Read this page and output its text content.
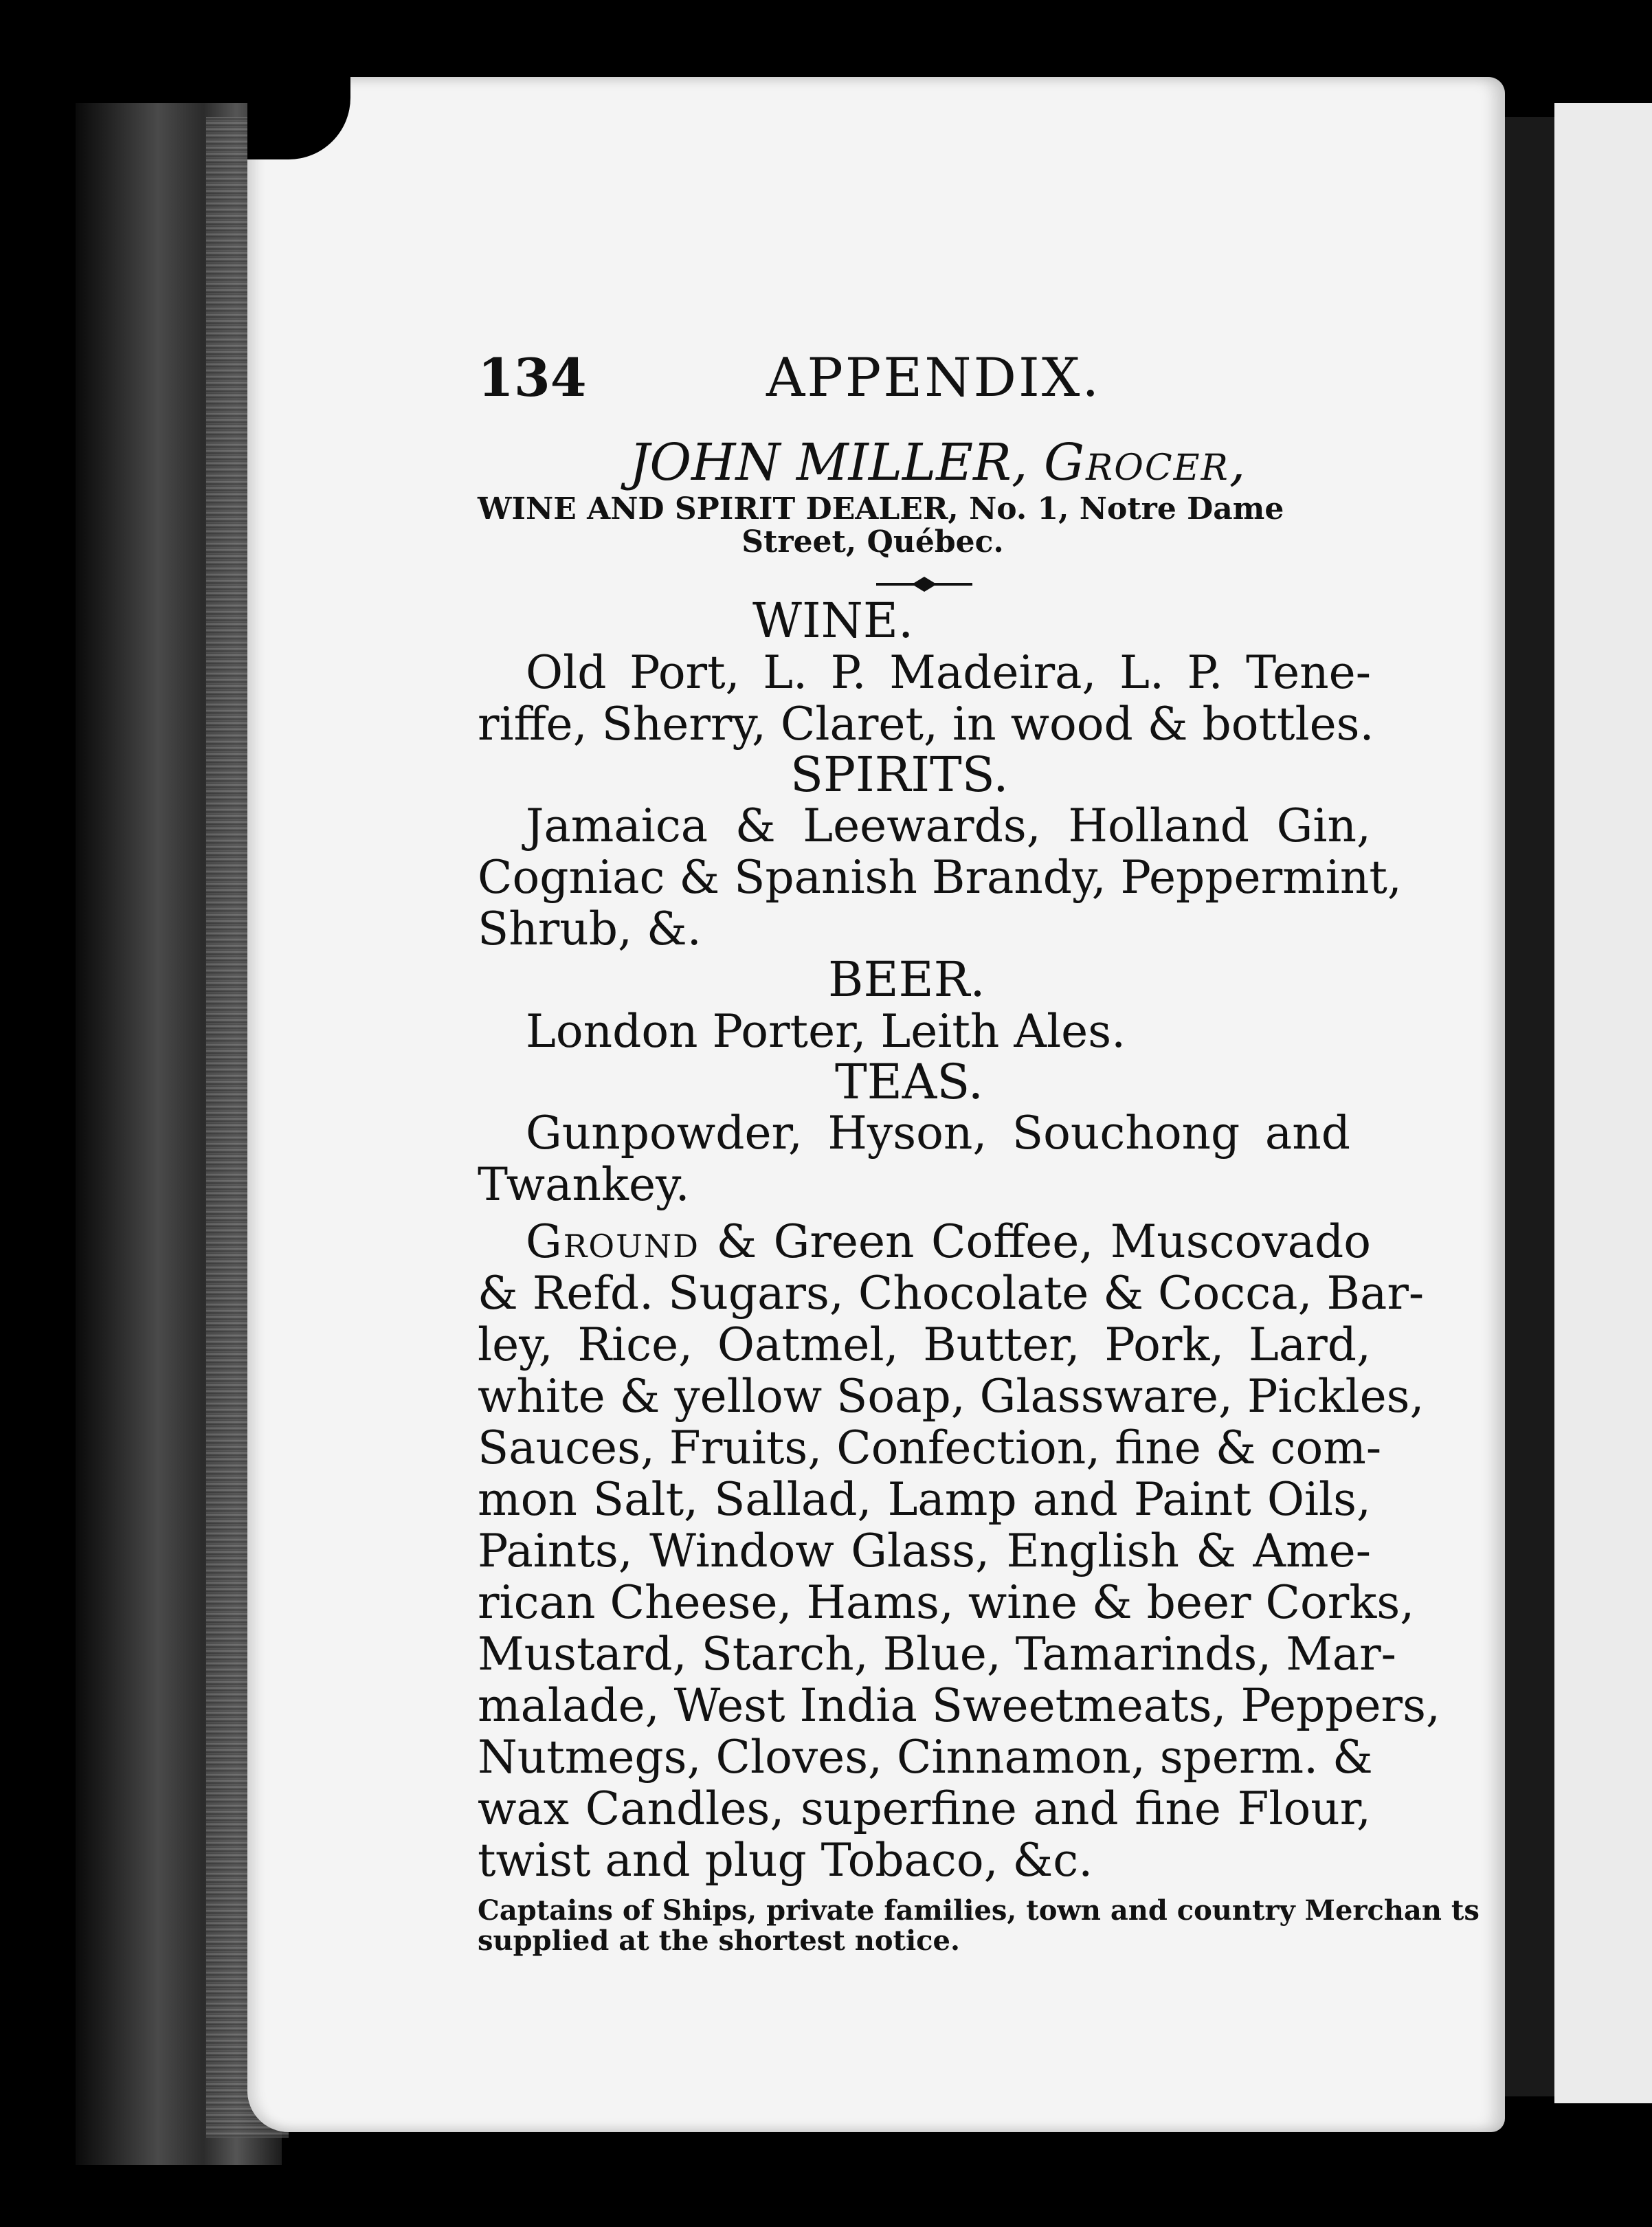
134	APPENDIX.
JOHN MILLER, Grocer,
WINE AND SPIRIT DEALER, No. 1, Notre Dame
Street, Québec.
WINE.
Old Port, L. P. Madeira, L. P. Tene-
riffe, Sherry, Claret, in wood & bottles.
SPIRITS.
Jamaica & Leewards, Holland Gin,
Cogniac & Spanish Brandy, Peppermint,
Shrub, &.
BEER.
London Porter, Leith Ales.
TEAS.
Gunpowder, Hyson, Souchong and
Twankey.
Ground & Green Coffee, Muscovado
& Refd. Sugars, Chocolate & Cocca, Bar-
ley, Rice, Oatmel, Butter, Pork, Lard,
white & yellow Soap, Glassware, Pickles,
Sauces, Fruits, Confection, fine & com-
mon Salt, Sallad, Lamp and Paint Oils,
Paints, Window Glass, English & Ame-
rican Cheese, Hams, wine & beer Corks,
Mustard, Starch, Blue, Tamarinds, Mar-
malade, West India Sweetmeats, Peppers,
Nutmegs, Cloves, Cinnamon, sperm. &
wax Candles, superfine and fine Flour,
twist and plug Tobaco, &c.
Captains of Ships, private families, town and country Merchan ts
supplied at the shortest notice.
